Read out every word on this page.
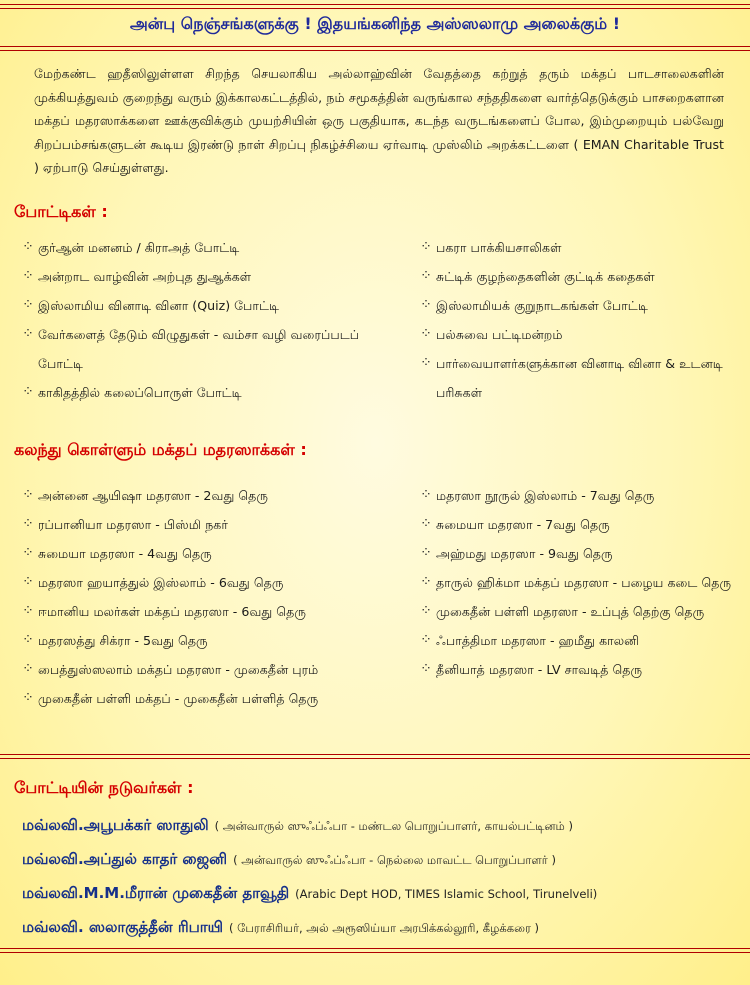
அன்பு நெஞ்சங்களுக்கு ! இதயங்கனிந்த அஸ்ஸலாமு அலைக்கும் !
மேற்கண்ட ஹதீஸிலுள்ளள சிறந்த செயலாகிய அல்லாஹ்வின் வேதத்தை கற்றுத் தரும் மக்தப் பாடசாலைகளின் முக்கியத்துவம் குறைந்து வரும் இக்காலகட்டத்தில், நம் சமூகத்தின் வருங்கால சந்ததிகளை வார்த்தெடுக்கும் பாசறைகளான மக்தப் மதரஸாக்களை ஊக்குவிக்கும் முயற்சியின் ஒரு பகுதியாக, கடந்த வருடங்களைப் போல, இம்முறையும் பல்வேறு சிறப்பம்சங்களுடன் கூடிய இரண்டு நாள் சிறப்பு நிகழ்ச்சியை ஏர்வாடி முஸ்லிம் அறக்கட்டளை ( EMAN Charitable Trust ) ஏற்பாடு செய்துள்ளது.
போட்டிகள் :
⁘ குர்ஆன் மனனம் / கிராஅத் போட்டி
⁘ அன்றாட வாழ்வின் அற்புத துஆக்கள்
⁘ இஸ்லாமிய வினாடி வினா (Quiz) போட்டி
⁘ வேர்களைத் தேடும் விழுதுகள் - வம்சா வழி வரைப்படப் போட்டி
⁘ காகிதத்தில் கலைப்பொருள் போட்டி
⁘ பகரா பாக்கியசாலிகள்
⁘ சுட்டிக் குழந்தைகளின் குட்டிக் கதைகள்
⁘ இஸ்லாமியக் குறுநாடகங்கள் போட்டி
⁘ பல்சுவை பட்டிமன்றம்
⁘ பார்வையாளர்களுக்கான வினாடி வினா & உடனடி பரிசுகள்
கலந்து கொள்ளும் மக்தப் மதரஸாக்கள் :
⁘ அன்னை ஆயிஷா மதரஸா - 2வது தெரு
⁘ ரப்பானியா மதரஸா - பிஸ்மி நகர்
⁘ சுமையா மதரஸா - 4வது தெரு
⁘ மதரஸா ஹயாத்துல் இஸ்லாம் - 6வது தெரு
⁘ ஈமானிய மலர்கள் மக்தப் மதரஸா - 6வது தெரு
⁘ மதரஸத்து சிக்ரா - 5வது தெரு
⁘ பைத்துஸ்ஸலாம் மக்தப் மதரஸா - முகைதீன் புரம்
⁘ முகைதீன் பள்ளி மக்தப் - முகைதீன் பள்ளித் தெரு
⁘ மதரஸா நூருல் இஸ்லாம் - 7வது தெரு
⁘ சுமையா மதரஸா - 7வது தெரு
⁘ அஹ்மது மதரஸா - 9வது தெரு
⁘ தாருல் ஹிக்மா மக்தப் மதரஸா - பழைய கடை தெரு
⁘ முகைதீன் பள்ளி மதரஸா - உப்புத் தெற்கு தெரு
⁘ ஃபாத்திமா மதரஸா - ஹமீது காலனி
⁘ தீனியாத் மதரஸா - LV சாவடித் தெரு
போட்டியின் நடுவர்கள் :
மவ்லவி.அபூபக்கர் ஸாதுலி ( அன்வாருல் ஸுஃப்ஃபா - மண்டல பொறுப்பாளர், காயல்பட்டினம் )
மவ்லவி.அப்துல் காதர் ஜைனி ( அன்வாருல் ஸுஃப்ஃபா - நெல்லை மாவட்ட பொறுப்பாளர் )
மவ்லவி.M.M.மீரான் முகைதீன் தாவூதி (Arabic Dept HOD, TIMES Islamic School, Tirunelveli)
மவ்லவி. ஸலாகுத்தீன் ரிபாயி ( பேராசிரியர், அல் அரூஸிய்யா அரபிக்கல்லூரி, கீழக்கரை )
